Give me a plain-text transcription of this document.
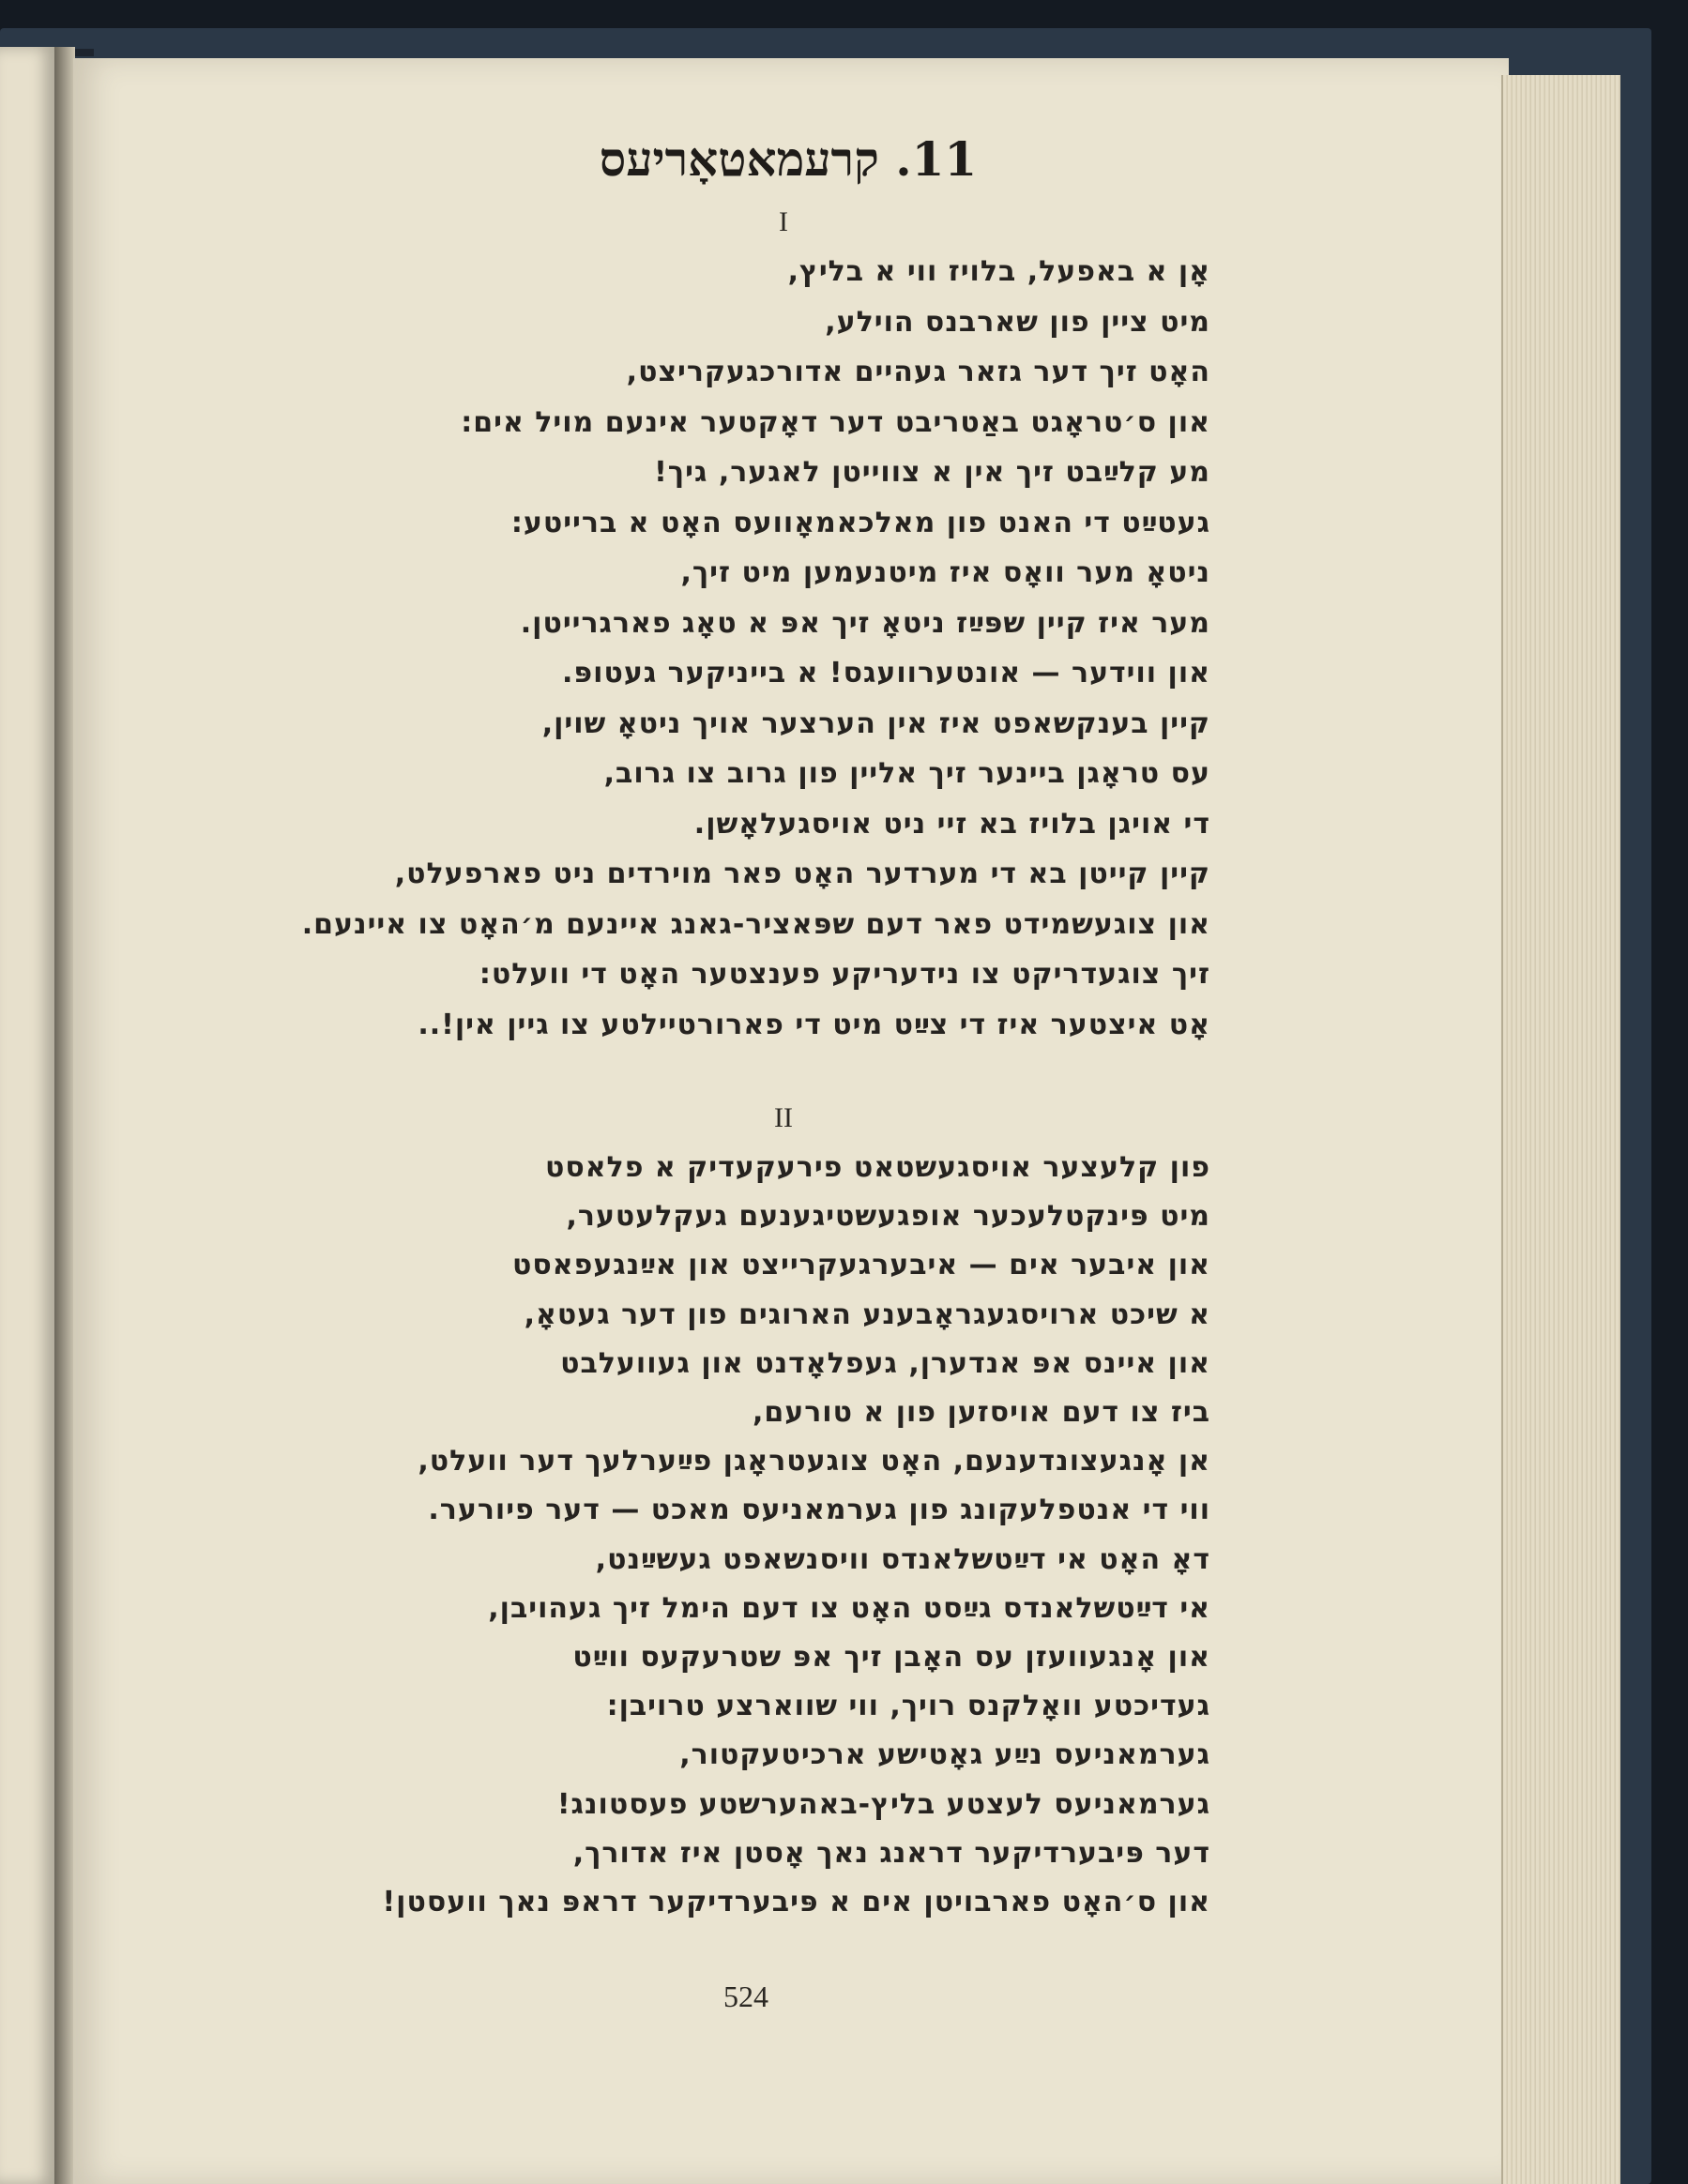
11. קרעמאטאָריעס
I
אָן א באפעל, בלויז ווי א בליץ,
מיט ציין פון שארבנס הוילע,
האָט זיך דער גזאר געהיים אדורכגעקריצט,
און ס׳טראָגט באַטריבט דער דאָקטער אינעם מויל אים:
מע קלײַבט זיך אין א צווייטן לאגער, גיך!
געטײַט די האנט פון מאלכאמאָוועס האָט א ברייטע:
ניטאָ מער וואָס איז מיטנעמען מיט זיך,
מער איז קיין שפּײַז ניטאָ זיך אפּ א טאָג פארגרייטן.
און ווידער — אונטערוועגס! א בייניקער געטופּ.
קיין בענקשאפט איז אין הערצער אויך ניטאָ שוין,
עס טראָגן ביינער זיך אליין פון גרוב צו גרוב,
די אויגן בלויז בא זיי ניט אויסגעלאָשן.
קיין קייטן בא די מערדער האָט פאר מוירדים ניט פארפעלט,
און צוגעשמידט פאר דעם שפּאציר-גאנג איינעם מ׳האָט צו איינעם.
זיך צוגעדריקט צו נידעריקע פענצטער האָט די וועלט:
אָט איצטער איז די צײַט מיט די פארורטיילטע צו גיין אין!..
II
פון קלעצער אויסגעשטאט פירעקעדיק א פלאסט
מיט פּינקטלעכער אופגעשטיגענעם געקלעטער,
און איבער אים — איבערגעקרייצט און אײַנגעפאסט
א שיכט ארויסגעגראָבענע הארוגים פון דער געטאָ,
און איינס אפּ אנדערן, געפלאָדנט און געוועלבט
ביז צו דעם אויסזען פון א טורעם,
אן אָנגעצונדענעם, האָט צוגעטראָגן פײַערלעך דער וועלט,
ווי די אנטפלעקונג פון גערמאניעס מאכט — דער פיורער.
דאָ האָט אי דײַטשלאנדס וויסנשאפט געשײַנט,
אי דײַטשלאנדס גײַסט האָט צו דעם הימל זיך געהויבן,
און אָנגעוועזן עס האָבן זיך אפּ שטרעקעס ווײַט
געדיכטע וואָלקנס רויך, ווי שווארצע טרויבן:
גערמאניעס נײַע גאָטישע ארכיטעקטור,
גערמאניעס לעצטע בליץ-באהערשטע פעסטונג!
דער פּיבערדיקער דראנג נאך אָסטן איז אדורך,
און ס׳האָט פארבויטן אים א פּיבערדיקער דראפּ נאך וועסטן!
524
